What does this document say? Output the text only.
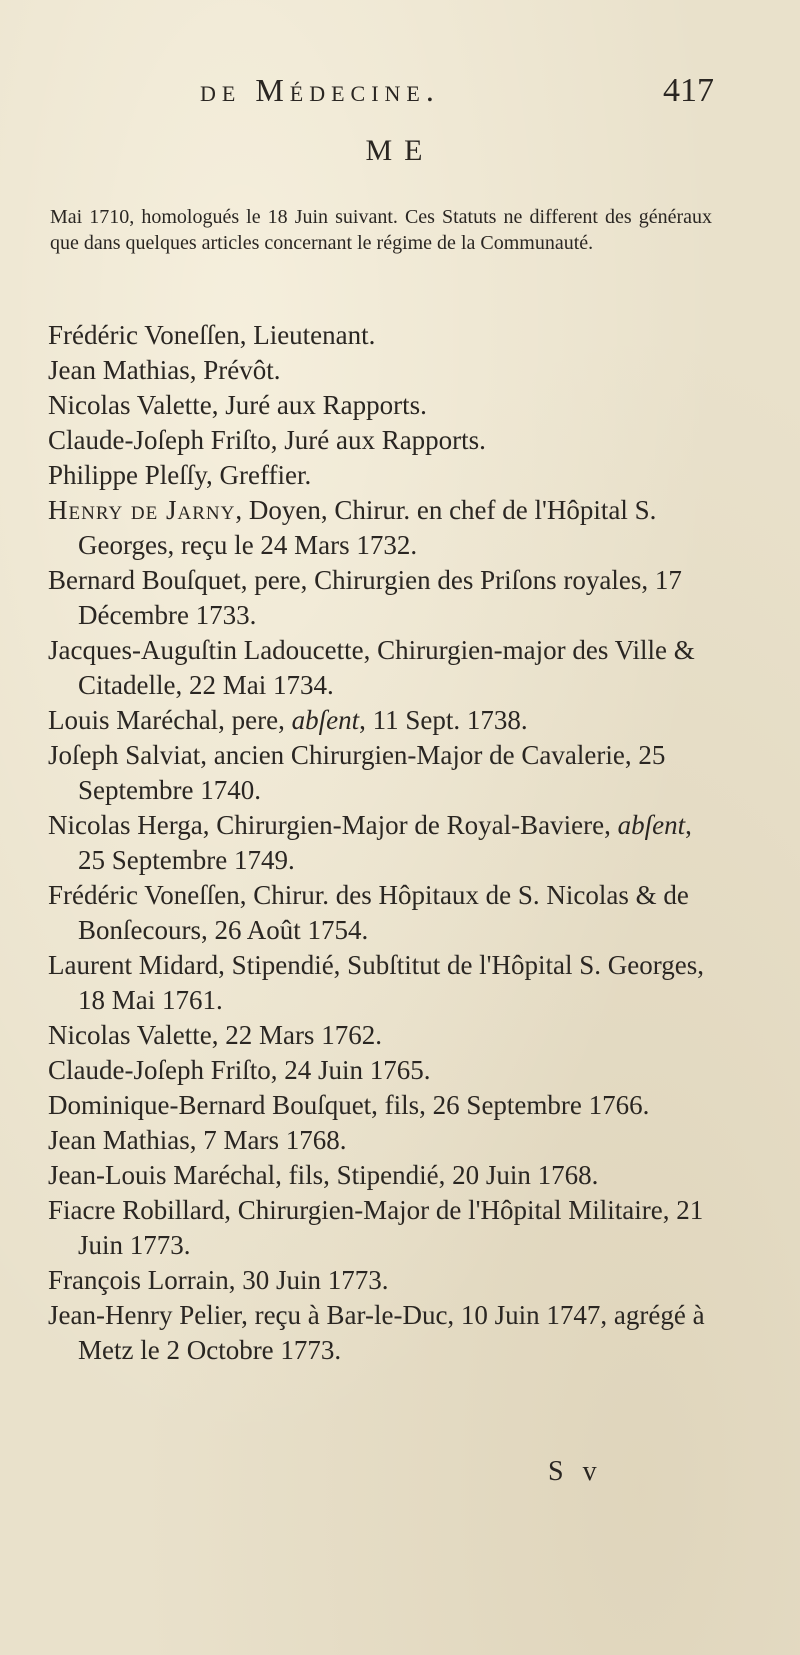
de Médecine.	417
ME

Mai 1710, homologués le 18 Juin suivant. Ces Statuts ne different des généraux que dans quelques articles concernant le régime de la Communauté.

Frédéric Voneſſen, Lieutenant.
Jean Mathias, Prévôt.
Nicolas Valette, Juré aux Rapports.
Claude-Joſeph Friſto, Juré aux Rapports.
Philippe Pleſſy, Greffier.
Henry de Jarny, Doyen, Chirur. en chef de l'Hôpital S. Georges, reçu le 24 Mars 1732.
Bernard Bouſquet, pere, Chirurgien des Priſons royales, 17 Décembre 1733.
Jacques-Auguſtin Ladoucette, Chirurgien-major des Ville & Citadelle, 22 Mai 1734.
Louis Maréchal, pere, abſent, 11 Sept. 1738.
Joſeph Salviat, ancien Chirurgien-Major de Cavalerie, 25 Septembre 1740.
Nicolas Herga, Chirurgien-Major de Royal-Baviere, abſent, 25 Septembre 1749.
Frédéric Voneſſen, Chirur. des Hôpitaux de S. Nicolas & de Bonſecours, 26 Août 1754.
Laurent Midard, Stipendié, Subſtitut de l'Hôpital S. Georges, 18 Mai 1761.
Nicolas Valette, 22 Mars 1762.
Claude-Joſeph Friſto, 24 Juin 1765.
Dominique-Bernard Bouſquet, fils, 26 Septembre 1766.
Jean Mathias, 7 Mars 1768.
Jean-Louis Maréchal, fils, Stipendié, 20 Juin 1768.
Fiacre Robillard, Chirurgien-Major de l'Hôpital Militaire, 21 Juin 1773.
François Lorrain, 30 Juin 1773.
Jean-Henry Pelier, reçu à Bar-le-Duc, 10 Juin 1747, agrégé à Metz le 2 Octobre 1773.
S v
